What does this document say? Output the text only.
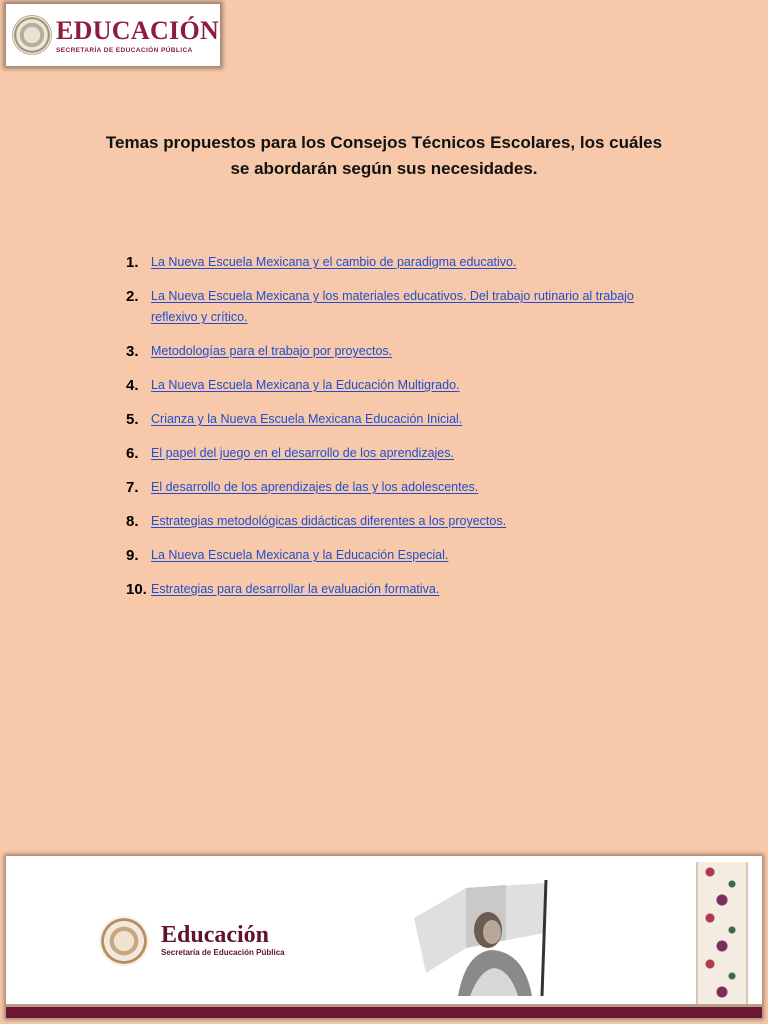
EDUCACIÓN
SECRETARÍA DE EDUCACIÓN PÚBLICA
Temas propuestos para los Consejos Técnicos Escolares, los cuáles
se abordarán según sus necesidades.
1. La Nueva Escuela Mexicana y el cambio de paradigma educativo.
2. La Nueva Escuela Mexicana y los materiales educativos. Del trabajo rutinario al trabajo reflexivo y crítico.
3. Metodologías para el trabajo por proyectos.
4. La Nueva Escuela Mexicana y la Educación Multigrado.
5. Crianza y la Nueva Escuela Mexicana Educación Inicial.
6. El papel del juego en el desarrollo de los aprendizajes.
7. El desarrollo de los aprendizajes de las y los adolescentes.
8. Estrategias metodológicas didácticas diferentes a los proyectos.
9. La Nueva Escuela Mexicana y la Educación Especial.
10. Estrategias para desarrollar la evaluación formativa.
Educación
Secretaría de Educación Pública
